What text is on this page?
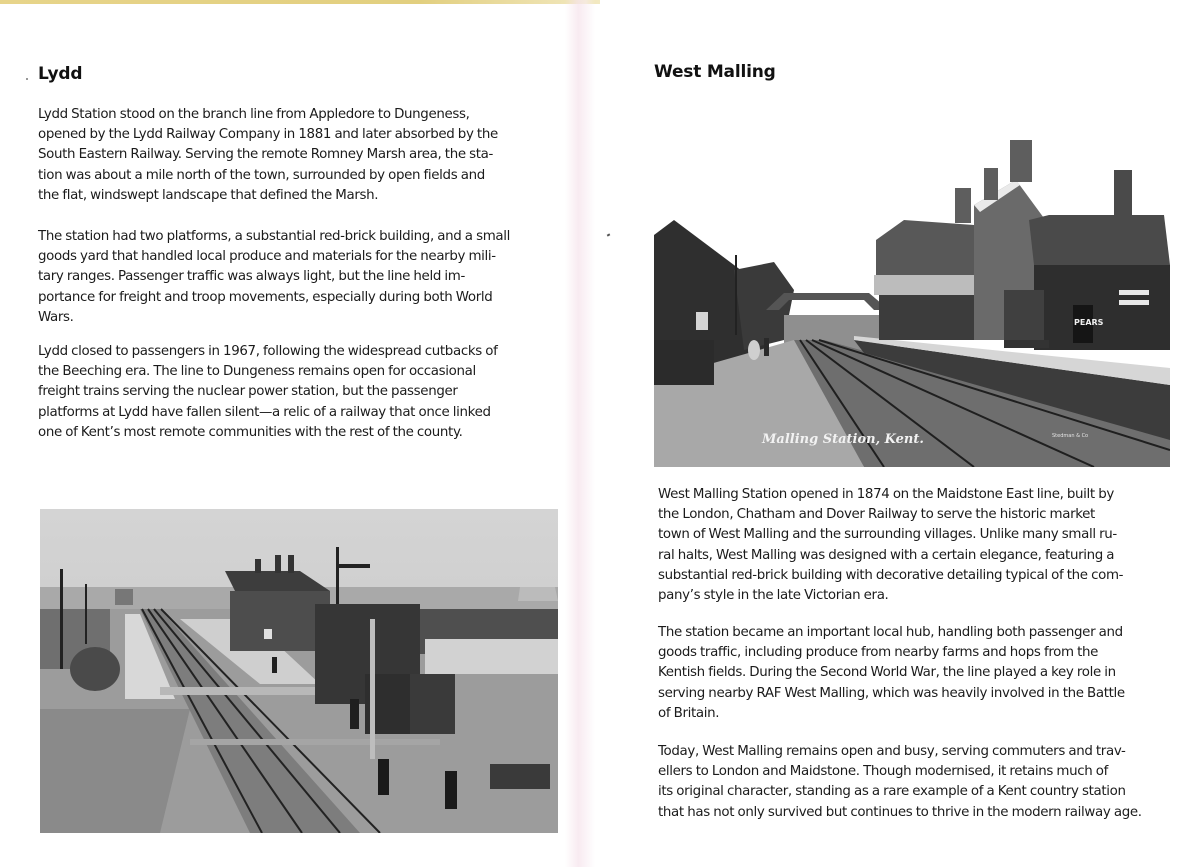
Lydd

Lydd Station stood on the branch line from Appledore to Dungeness,
opened by the Lydd Railway Company in 1881 and later absorbed by the
South Eastern Railway. Serving the remote Romney Marsh area, the sta-
tion was about a mile north of the town, surrounded by open fields and
the flat, windswept landscape that defined the Marsh.

The station had two platforms, a substantial red-brick building, and a small
goods yard that handled local produce and materials for the nearby mili-
tary ranges. Passenger traffic was always light, but the line held im-
portance for freight and troop movements, especially during both World
Wars.

Lydd closed to passengers in 1967, following the widespread cutbacks of
the Beeching era. The line to Dungeness remains open for occasional
freight trains serving the nuclear power station, but the passenger
platforms at Lydd have fallen silent—a relic of a railway that once linked
one of Kent’s most remote communities with the rest of the county.

West Malling
PEARS
Malling Station, Kent.	Stedman & Co

West Malling Station opened in 1874 on the Maidstone East line, built by
the London, Chatham and Dover Railway to serve the historic market
town of West Malling and the surrounding villages. Unlike many small ru-
ral halts, West Malling was designed with a certain elegance, featuring a
substantial red-brick building with decorative detailing typical of the com-
pany’s style in the late Victorian era.

The station became an important local hub, handling both passenger and
goods traffic, including produce from nearby farms and hops from the
Kentish fields. During the Second World War, the line played a key role in
serving nearby RAF West Malling, which was heavily involved in the Battle
of Britain.

Today, West Malling remains open and busy, serving commuters and trav-
ellers to London and Maidstone. Though modernised, it retains much of
its original character, standing as a rare example of a Kent country station
that has not only survived but continues to thrive in the modern railway age.
